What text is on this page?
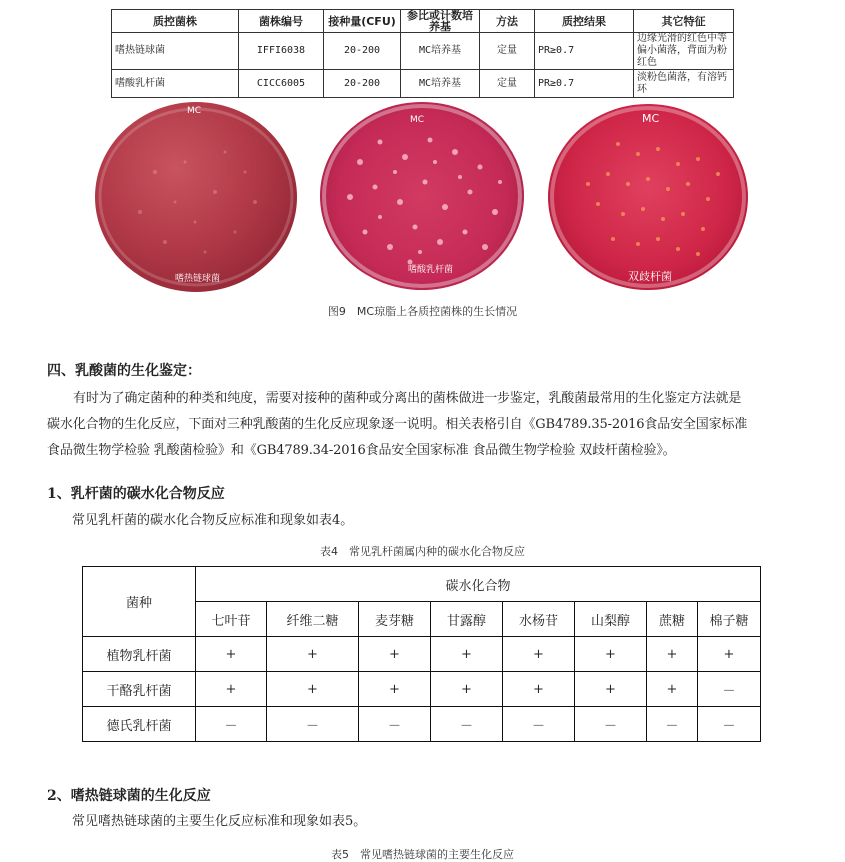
质控菌株	菌株编号	接种量(CFU)	参比或计数培养基	方法	质控结果	其它特征
嗜热链球菌	IFFI6038	20-200	MC培养基	定量	PR≥0.7	边缘光滑的红色中等偏小菌落，背面为粉红色
嗜酸乳杆菌	CICC6005	20-200	MC培养基	定量	PR≥0.7	淡粉色菌落，有溶钙环
MC
嗜热链球菌
MC
嗜酸乳杆菌
MC
双歧杆菌
图9　MC琼脂上各质控菌株的生长情况
四、乳酸菌的生化鉴定：
有时为了确定菌种的种类和纯度，需要对接种的菌种或分离出的菌株做进一步鉴定，乳酸菌最常用的生化鉴定方法就是
碳水化合物的生化反应，下面对三种乳酸菌的生化反应现象逐一说明。相关表格引自《GB4789.35-2016食品安全国家标准
食品微生物学检验 乳酸菌检验》和《GB4789.34-2016食品安全国家标准 食品微生物学检验 双歧杆菌检验》。
1、乳杆菌的碳水化合物反应
常见乳杆菌的碳水化合物反应标准和现象如表4。
表4　常见乳杆菌属内种的碳水化合物反应
菌种	碳水化合物							
	七叶苷	纤维二糖	麦芽糖	甘露醇	水杨苷	山梨醇	蔗糖	棉子糖
植物乳杆菌	+	+	+	+	+	+	+	+
干酪乳杆菌	+	+	+	+	+	+	+	－
德氏乳杆菌	－	－	－	－	－	－	－	－
2、嗜热链球菌的生化反应
常见嗜热链球菌的主要生化反应标准和现象如表5。
表5　常见嗜热链球菌的主要生化反应
